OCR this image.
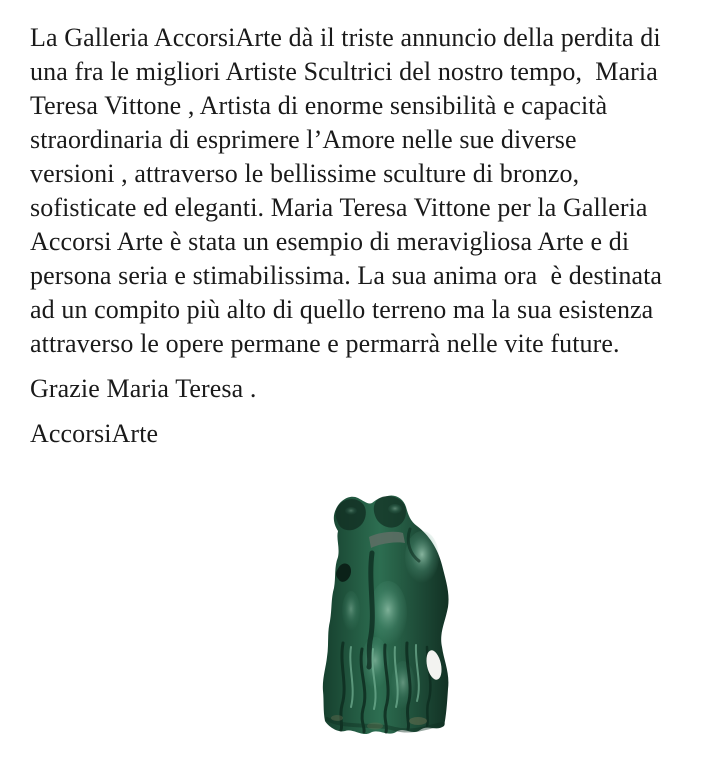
La Galleria AccorsiArte dà il triste annuncio della perdita di
una fra le migliori Artiste Scultrici del nostro tempo,  Maria
Teresa Vittone , Artista di enorme sensibilità e capacità
straordinaria di esprimere l’Amore nelle sue diverse
versioni , attraverso le bellissime sculture di bronzo,
sofisticate ed eleganti. Maria Teresa Vittone per la Galleria
Accorsi Arte è stata un esempio di meravigliosa Arte e di
persona seria e stimabilissima. La sua anima ora  è destinata
ad un compito più alto di quello terreno ma la sua esistenza
attraverso le opere permane e permarrà nelle vite future.
Grazie Maria Teresa .
AccorsiArte
